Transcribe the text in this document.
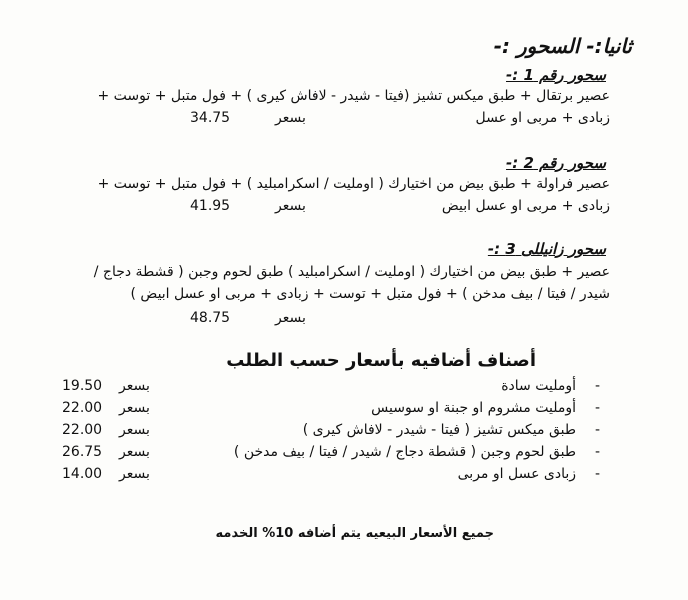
ثانيا:- السحور :-
سحور رقم 1 :-
عصير برتقال + طبق ميكس تشيز (فيتا - شيدر - لافاش كيرى ) + فول متبل + توست +
زبادى + مربى او عسل
بسعر
34.75
سحور رقم 2 :-
عصير فراولة + طبق بيض من اختيارك ( اومليت / اسكرامبليد ) + فول متبل + توست +
زبادى + مربى او عسل ابيض
بسعر
41.95
سحور زانيللى 3 :-
عصير + طبق بيض من اختيارك ( اومليت / اسكرامبليد ) طبق لحوم وجبن ( قشطة دجاج /
شيدر / فيتا / بيف مدخن ) + فول متبل + توست + زبادى + مربى او عسل ابيض )
بسعر
48.75
أصناف أضافيه بأسعار حسب الطلب
-
أومليت سادة
بسعر
19.50
-
أومليت مشروم او جبنة او سوسيس
بسعر
22.00
-
طبق ميكس تشيز ( فيتا - شيدر - لافاش كيرى )
بسعر
22.00
-
طبق لحوم وجبن ( قشطة دجاج / شيدر / فيتا / بيف مدخن )
بسعر
26.75
-
زبادى عسل او مربى
بسعر
14.00
جميع الأسعار البيعيه يتم أضافه 10% الخدمه
